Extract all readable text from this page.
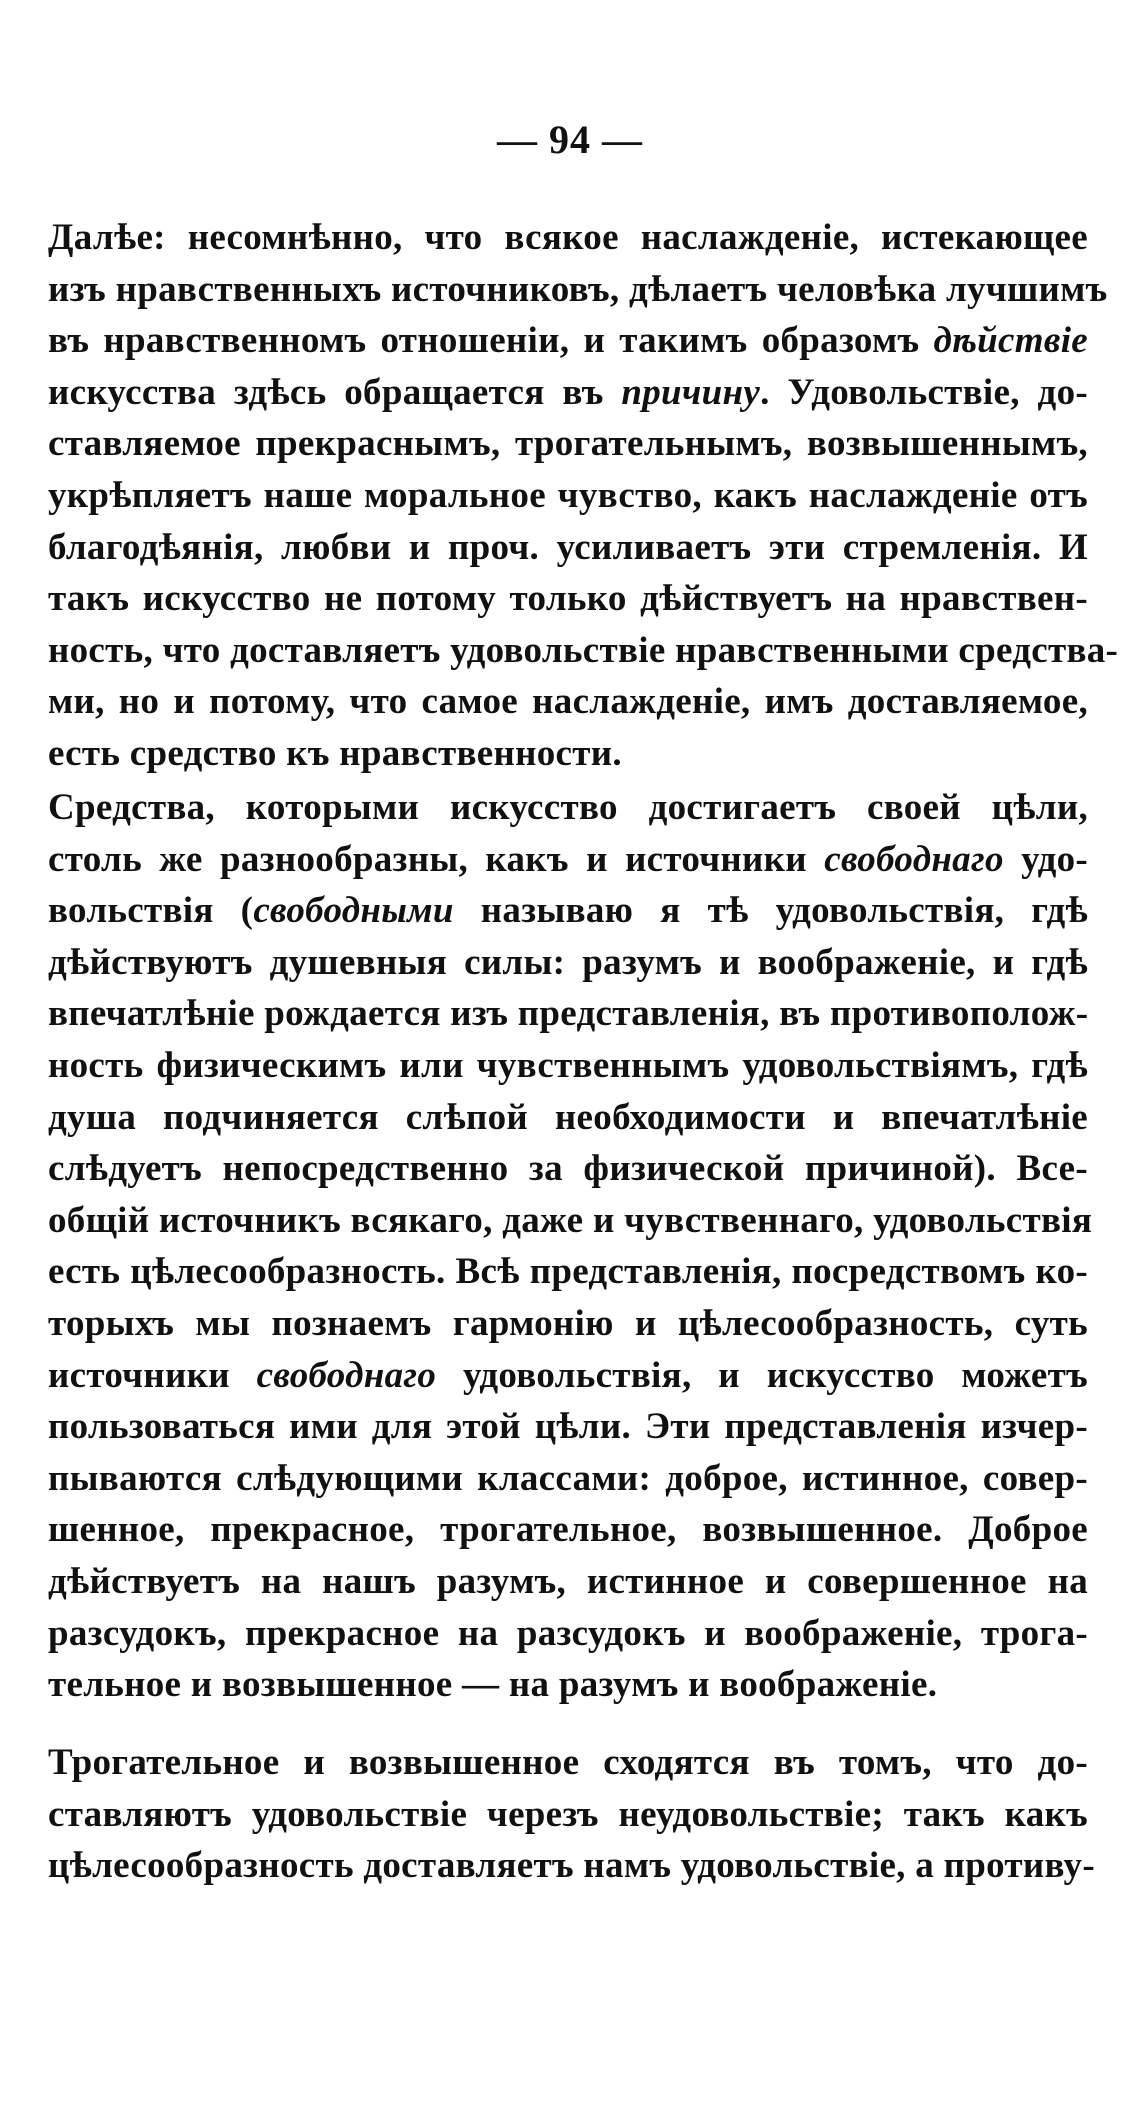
— 94 —
Далѣе: несомнѣнно, что всякое наслажденіе, истекающее
изъ нравственныхъ источниковъ, дѣлаетъ человѣка лучшимъ
въ нравственномъ отношеніи, и такимъ образомъ дѣйствіе
искусства здѣсь обращается въ причину. Удовольствіе, до-
ставляемое прекраснымъ, трогательнымъ, возвышеннымъ,
укрѣпляетъ наше моральное чувство, какъ наслажденіе отъ
благодѣянія, любви и проч. усиливаетъ эти стремленія. И
такъ искусство не потому только дѣйствуетъ на нравствен-
ность, что доставляетъ удовольствіе нравственными средства-
ми, но и потому, что самое наслажденіе, имъ доставляемое,
есть средство къ нравственности.
Средства, которыми искусство достигаетъ своей цѣли,
столь же разнообразны, какъ и источники свободнаго удо-
вольствія (свободными называю я тѣ удовольствія, гдѣ
дѣйствуютъ душевныя силы: разумъ и воображеніе, и гдѣ
впечатлѣніе рождается изъ представленія, въ противополож-
ность физическимъ или чувственнымъ удовольствіямъ, гдѣ
душа подчиняется слѣпой необходимости и впечатлѣніе
слѣдуетъ непосредственно за физической причиной). Все-
общій источникъ всякаго, даже и чувственнаго, удовольствія
есть цѣлесообразность. Всѣ представленія, посредствомъ ко-
торыхъ мы познаемъ гармонію и цѣлесообразность, суть
источники свободнаго удовольствія, и искусство можетъ
пользоваться ими для этой цѣли. Эти представленія изчер-
пываются слѣдующими классами: доброе, истинное, совер-
шенное, прекрасное, трогательное, возвышенное. Доброе
дѣйствуетъ на нашъ разумъ, истинное и совершенное на
разсудокъ, прекрасное на разсудокъ и воображеніе, трога-
тельное и возвышенное — на разумъ и воображеніе.
Трогательное и возвышенное сходятся въ томъ, что до-
ставляютъ удовольствіе черезъ неудовольствіе; такъ какъ
цѣлесообразность доставляетъ намъ удовольствіе, а противу-
